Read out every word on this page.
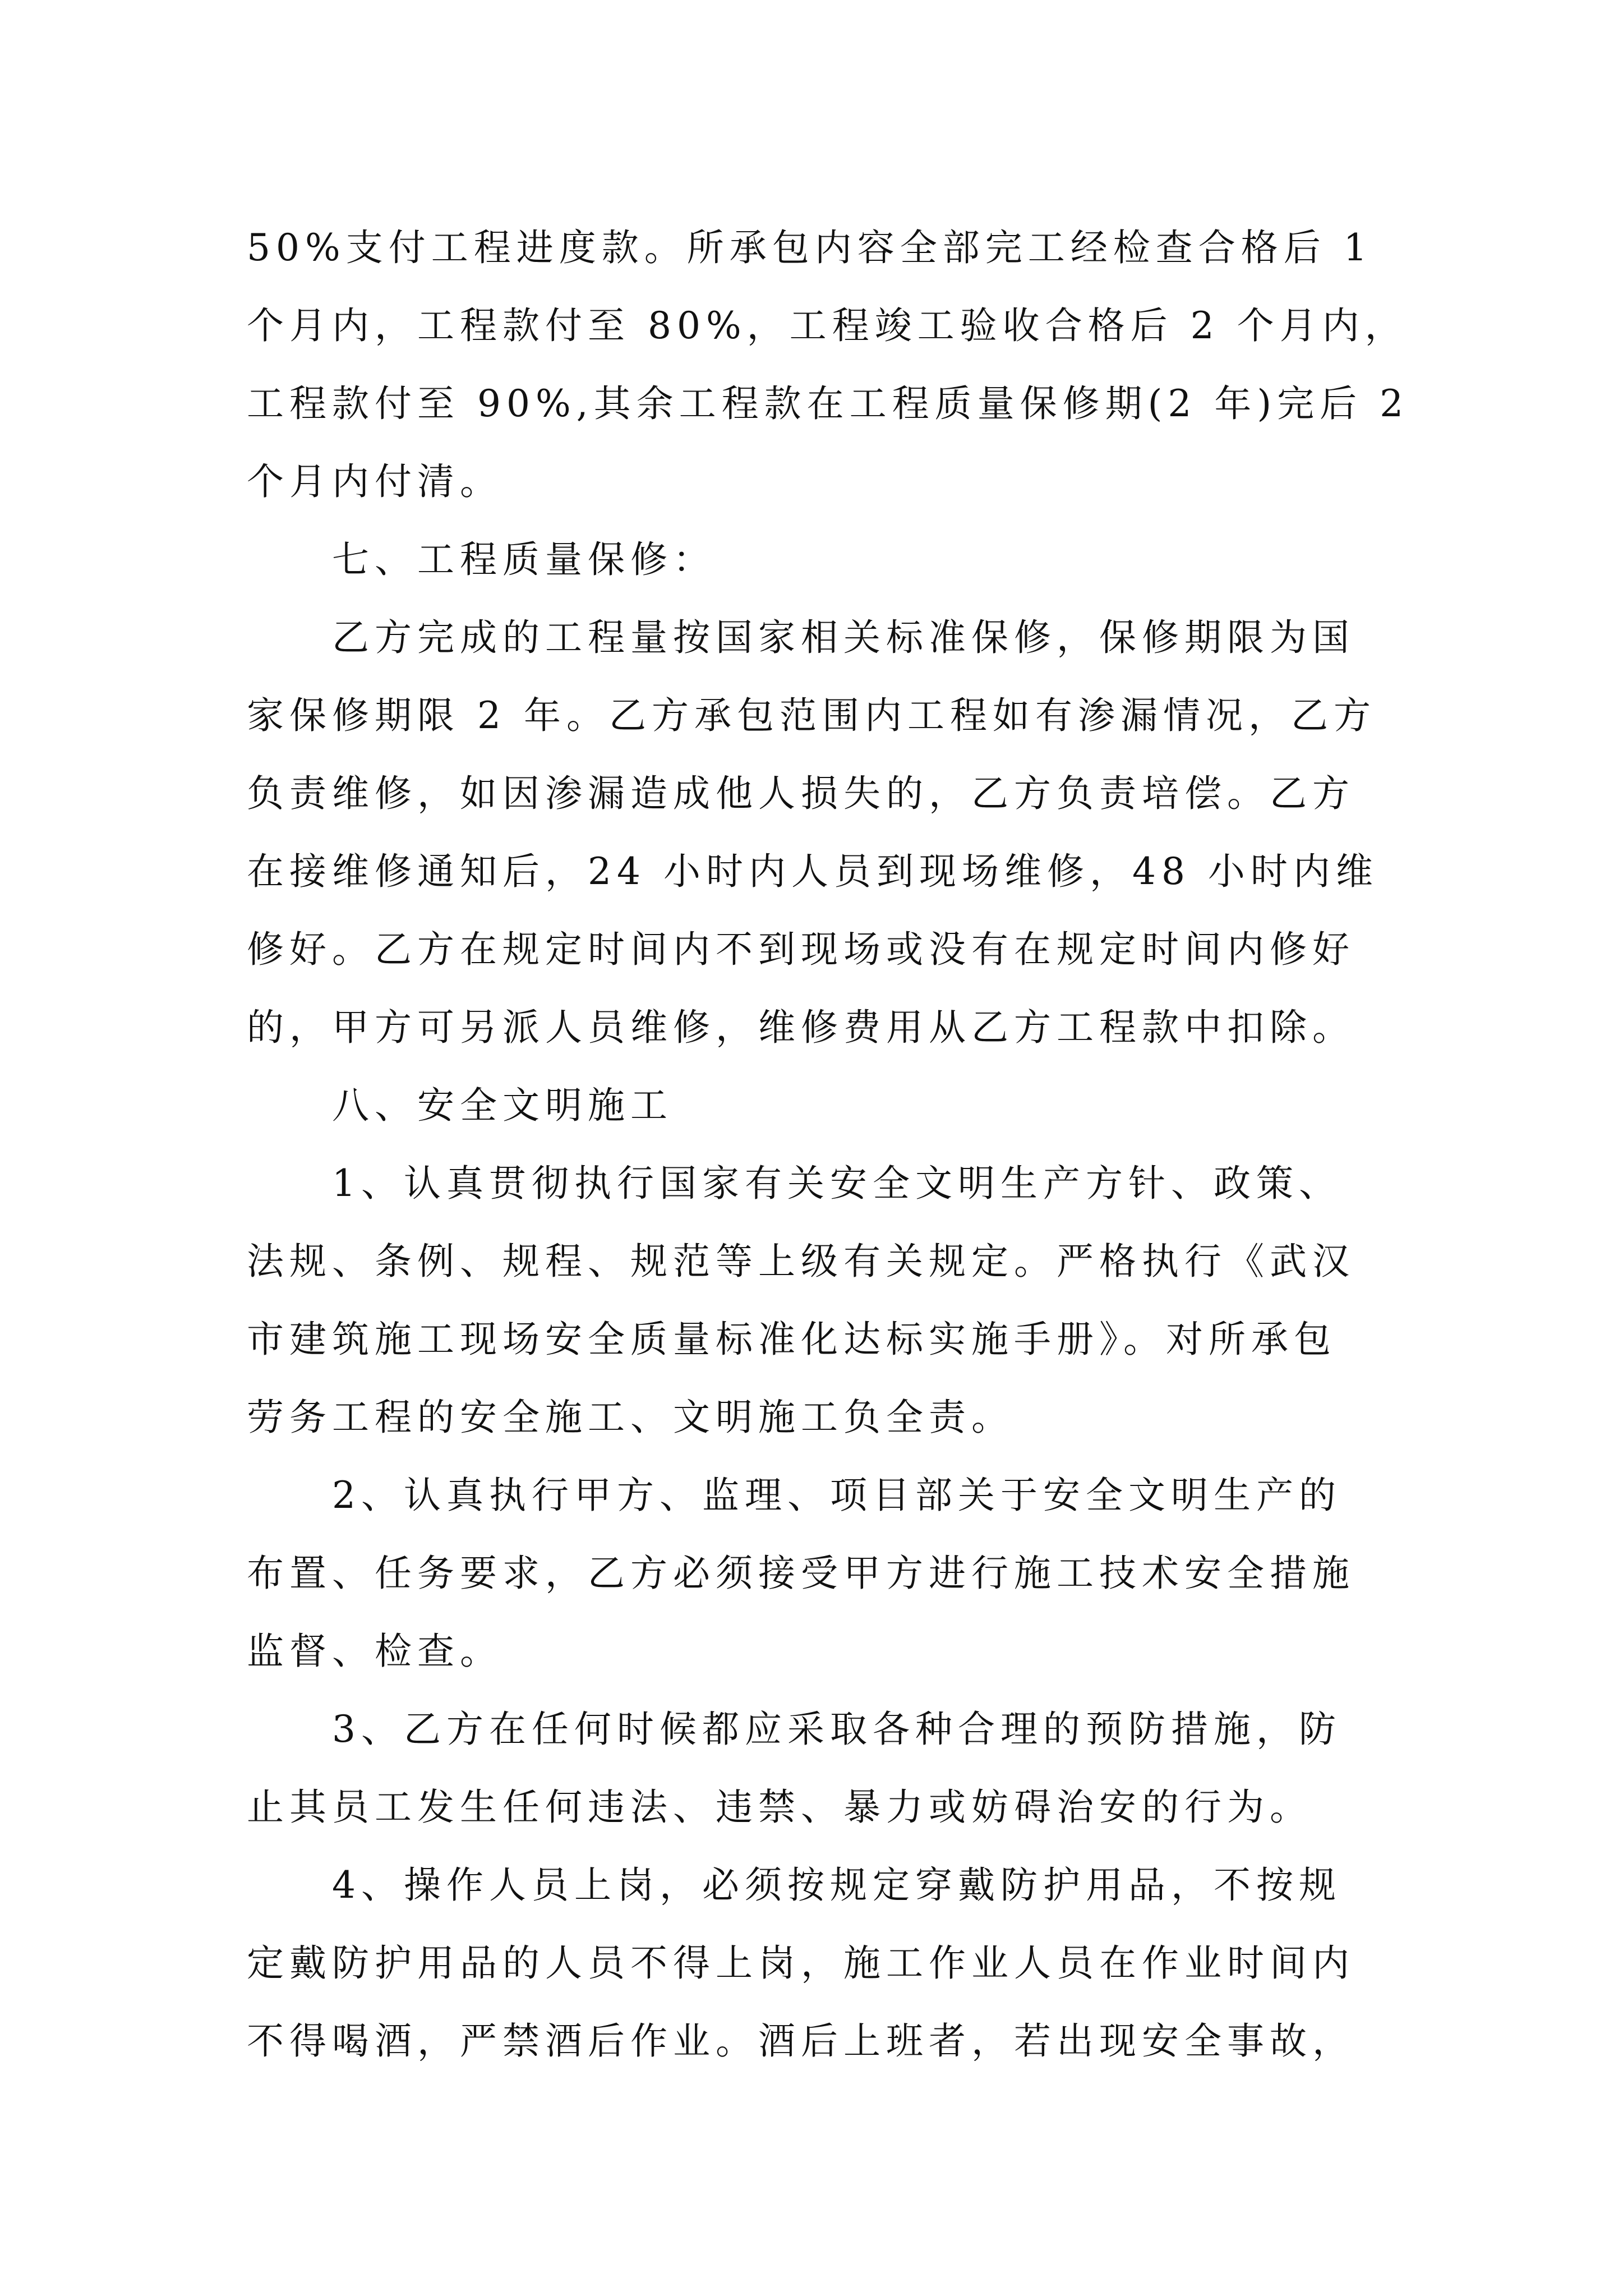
50%支付工程进度款。所承包内容全部完工经检查合格后 1
个月内，工程款付至 80%，工程竣工验收合格后 2 个月内，
工程款付至 90%,其余工程款在工程质量保修期(2 年)完后 2
个月内付清。
七、工程质量保修：
乙方完成的工程量按国家相关标准保修，保修期限为国
家保修期限 2 年。乙方承包范围内工程如有渗漏情况，乙方
负责维修，如因渗漏造成他人损失的，乙方负责培偿。乙方
在接维修通知后，24 小时内人员到现场维修，48 小时内维
修好。乙方在规定时间内不到现场或没有在规定时间内修好
的，甲方可另派人员维修，维修费用从乙方工程款中扣除。
八、安全文明施工
1、认真贯彻执行国家有关安全文明生产方针、政策、
法规、条例、规程、规范等上级有关规定。严格执行《武汉
市建筑施工现场安全质量标准化达标实施手册》。对所承包
劳务工程的安全施工、文明施工负全责。
2、认真执行甲方、监理、项目部关于安全文明生产的
布置、任务要求，乙方必须接受甲方进行施工技术安全措施
监督、检查。
3、乙方在任何时候都应采取各种合理的预防措施，防
止其员工发生任何违法、违禁、暴力或妨碍治安的行为。
4、操作人员上岗，必须按规定穿戴防护用品，不按规
定戴防护用品的人员不得上岗，施工作业人员在作业时间内
不得喝酒，严禁酒后作业。酒后上班者，若出现安全事故，
